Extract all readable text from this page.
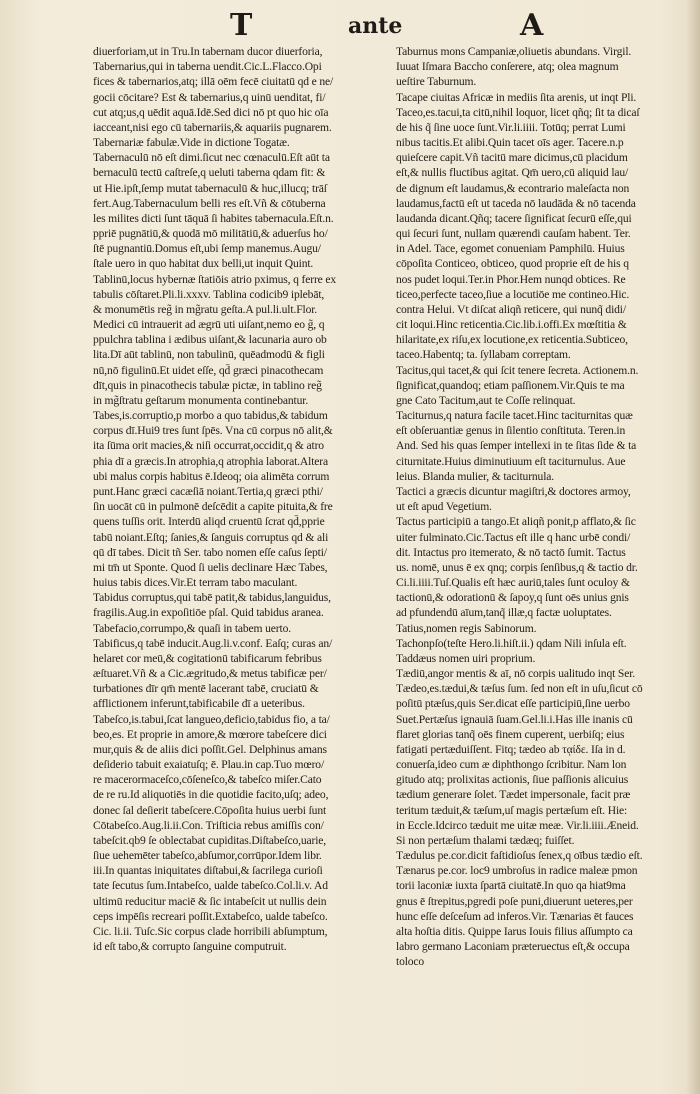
T	ante	A
diuerforiam,ut in Tru.In tabernam ducor diuerforia,
Tabernarius,qui in taberna uendit.Cic.L.Flacco.Opi
fices & tabernarios,atq; illā oēm fecē ciuitatū qd e ne/
gocii cōcitare? Est & tabernarius,q uinū uenditat, fi/
cut atq;us,q uēdit aquā.Idē.Sed dici nō pt quo hic oīa
iacceant,nisi ego cū tabernariis,& aquariis pugnarem.
Tabernariæ fabulæ.Vide in dictione Togatæ.
Tabernaculū nō eſt dimi.ſicut nec cœnaculū.Eſt aūt ta
bernaculū tectū caſtreſe,q ueluti taberna qdam fit: &
ut Hie.ipſt,ſemp mutat tabernaculū & huc,illucq; trāſ
fert.Aug.Tabernaculum belli res eſt.Vñ & cōtuberna
les milites dicti ſunt tāquā ſi habites tabernacula.Eſt.n.
ppriē pugnātiū,& quodā mō militātiū,& aduerſus ho/
ſtē pugnantiū.Domus eſt,ubi ſemp manemus.Augu/
ſtale uero in quo habitat dux belli,ut inquit Quint.
Tablinū,locus hybernæ ſtatiōis atrio pximus, q ferre ex
tabulis cōſtaret.Pli.li.xxxv. Tablina codicib9 iplebāt,
& monumētis reg̃ in mg̃ratu geſta.A pul.li.ult.Flor.
Medici cū intrauerit ad ægrū uti uiſant,nemo eo g̃, q
ppulchra tablina i ædibus uiſant,& lacunaria auro ob
lita.Dī aūt tablinū, non tabulinū, quēadmodū & figli
nū,nō figulinū.Et uidet eſſe, qd̄ græci pinacothecam
dīt,quis in pinacothecis tabulæ pictæ, in tablino reg̃
in mg̃ſtratu geſtarum monumenta continebantur.
Tabes,is.corruptio,p morbo a quo tabidus,& tabidum
corpus dī.Hui9 tres ſunt ſpēs. Vna cū corpus nō alit,&
ita ſūma orit macies,& niſi occurrat,occidit,q & atro
phia dī a græcis.In atrophia,q atrophia laborat.Altera
ubi malus corpis habitus ē.Ideoq; oia alimēta corrum
punt.Hanc græci cacæſiā noiant.Tertia,q græci pthi/
ſin uocāt cū in pulmonē deſcēdit a capite pituita,& fre
quens tuſſis orit. Interdū aliqd cruentū ſcrat qd̄,pprie
tabū noiant.Eſtq; ſanies,& ſanguis corruptus qd & ali
qū dī tabes. Dicit tñ Ser. tabo nomen eſſe caſus ſepti/
mi tm̄ ut Sponte. Quod ſi uelis declinare Hæc Tabes,
huius tabis dices.Vir.Et terram tabo maculant.
Tabidus corruptus,qui tabē patit,& tabidus,languidus,
fragilis.Aug.in expoſitiōe pſal. Quid tabidus aranea.
Tabefacio,corrumpo,& quaſi in tabem uerto.
Tabificus,q tabē inducit.Aug.li.v.conf. Eaſq; curas an/
helaret cor meū,& cogitationū tabificarum febribus
æſtuaret.Vñ & a Cic.ægritudo,& metus tabificæ per/
turbationes dīr qm̄ mentē lacerant tabē, cruciatū &
afflictionem inferunt,tabificabile dī a ueteribus.
Tabeſco,is.tabui,ſcat langueo,deficio,tabidus fio, a ta/
beo,es. Et proprie in amore,& mœrore tabeſcere dici
mur,quis & de aliis dici poſſit.Gel. Delphinus amans
deſiderio tabuit exaiatuſq; ē. Plau.in cap.Tuo mœro/
re macerormaceſco,cōſeneſco,& tabeſco miſer.Cato
de re ru.Id aliquotiēs in die quotidie facito,uſq; adeo,
donec ſal deſierit tabeſcere.Cōpoſita huius uerbi ſunt
Cōtabeſco.Aug.li.ii.Con. Triſticia rebus amiſſis con/
tabeſcit.qb9 ſe oblectabat cupiditas.Diſtabeſco,uarie,
ſiue uehemēter tabeſco,abſumor,corrūpor.Idem libr.
iii.In quantas iniquitates diſtabui,& ſacrilega curioſi
tate ſecutus ſum.Intabeſco, ualde tabeſco.Col.li.v. Ad
ultimū reducitur maciē & ſic intabeſcit ut nullis dein
ceps impēſis recreari poſſit.Extabeſco, ualde tabeſco.
Cic. li.ii. Tuſc.Sic corpus clade horribili abſumptum,
id eſt tabo,& corrupto ſanguine computruit.
Taburnus mons Campaniæ,oliuetis abundans. Virgil.
Iuuat Iſmara Baccho conſerere, atq; olea magnum
ueſtire Taburnum.
Tacape ciuitas Africæ in mediis ſita arenis, ut inqt Pli.
Taceo,es.tacui,ta citū,nihil loquor, licet qñq; ſit ta dicaſ
de his q̃ ſine uoce ſunt.Vir.li.iiii. Totūq; perrat Lumi
nibus tacitis.Et alibi.Quin tacet oīs ager. Tacere.n.p
quieſcere capit.Vñ tacitū mare dicimus,cū placidum
eſt,& nullis fluctibus agitat. Qm̄ uero,cū aliquid lau/
de dignum eſt laudamus,& econtrario maleſacta non
laudamus,factū eſt ut taceda nō laudāda & nō tacenda
laudanda dicant.Qñq; tacere ſignificat ſecurū eſſe,qui
qui ſecuri ſunt, nullam quærendi cauſam habent. Ter.
in Adel. Tace, egomet conueniam Pamphilū. Huius
cōpoſita Conticeo, obticeo, quod proprie eſt de his q
nos pudet loqui.Ter.in Phor.Hem nunqd obtices. Re
ticeo,perfecte taceo,ſiue a locutiōe me contineo.Hic.
contra Helui. Vt diſcat aliqñ reticere, qui nunq̃ didi/
cit loqui.Hinc reticentia.Cic.lib.i.offi.Ex mœſtitia &
hilaritate,ex riſu,ex locutione,ex reticentia.Subticeo,
taceo.Habentq; ta. ſyllabam correptam.
Tacitus,qui tacet,& qui ſcit tenere ſecreta. Actionem.n.
ſignificat,quandoq; etiam paſſionem.Vir.Quis te ma
gne Cato Tacitum,aut te Coſſe relinquat.
Taciturnus,q natura facile tacet.Hinc taciturnitas quæ
eſt obſeruantiæ genus in ſilentio conſtituta. Teren.in
And. Sed his quas ſemper intellexi in te ſitas ſide & ta
citurnitate.Huius diminutiuum eſt taciturnulus. Aue
leius. Blanda mulier, & taciturnula.
Tactici a græcis dicuntur magiſtri,& doctores armoy,
ut eſt apud Vegetium.
Tactus participiū a tango.Et aliqñ ponit,p afflato,& ſic
uiter fulminato.Cic.Tactus eſt ille q hanc urbē condi/
dit. Intactus pro itemerato, & nō tactō ſumit. Tactus
us. nomē, unus ē ex qnq; corpis ſenſibus,q & tactio dr.
Ci.li.iiii.Tuſ.Qualis eſt hæc auriū,tales ſunt oculoy &
tactionū,& odorationū & ſapoy,q ſunt oēs unius gnis
ad pfundendū aīum,tanq̃ illæ,q factæ uoluptates.
Tatius,nomen regis Sabinorum.
Tachonpſo(teſte Hero.li.hiſt.ii.) qdam Nili inſula eſt.
Taddæus nomen uiri proprium.
Tædiū,angor mentis & aī, nō corpis ualitudo inqt Ser.
Tædeo,es.tædui,& tæſus ſum. ſed non eſt in uſu,ſicut cō
poſitū ptæſus,quis Ser.dicat eſſe participiū,ſine uerbo
Suet.Pertæſus ignauiā ſuam.Gel.li.i.Has ille inanis cū
flaret glorias tanq̃ oēs finem cuperent, uerbiſq; eius
fatigati pertæduiſſent. Fitq; tædeo ab τᾳίδε. Iſa in d.
conuerſa,ideo cum æ diphthongo ſcribitur. Nam lon
gitudo atq; prolixitas actionis, ſiue paſſionis alicuius
tædium generare ſolet. Tædet impersonale, facit præ
teritum tæduit,& tæſum,uſ magis pertæſum eſt. Hie:
in Eccle.Idcirco tæduit me uitæ meæ. Vir.li.iiii.Æneid.
Si non pertæſum thalami tædæq; fuiſſet.
Tædulus pe.cor.dicit faſtidioſus ſenex,q oībus tædio eſt.
Tænarus pe.cor. loc9 umbroſus in radice maleæ pmon
torii laconiæ iuxta ſpartā ciuitatē.In quo qa hiat9ma
gnus ē ſtrepitus,pgredi poſe puni,diuerunt ueteres,per
hunc eſſe deſceſum ad inferos.Vir. Tænarias ēt fauces
alta hoſtia ditis. Quippe Iarus Iouis filius aſſumpto ca
labro germano Laconiam præteruectus eſt,& occupa
toloco
